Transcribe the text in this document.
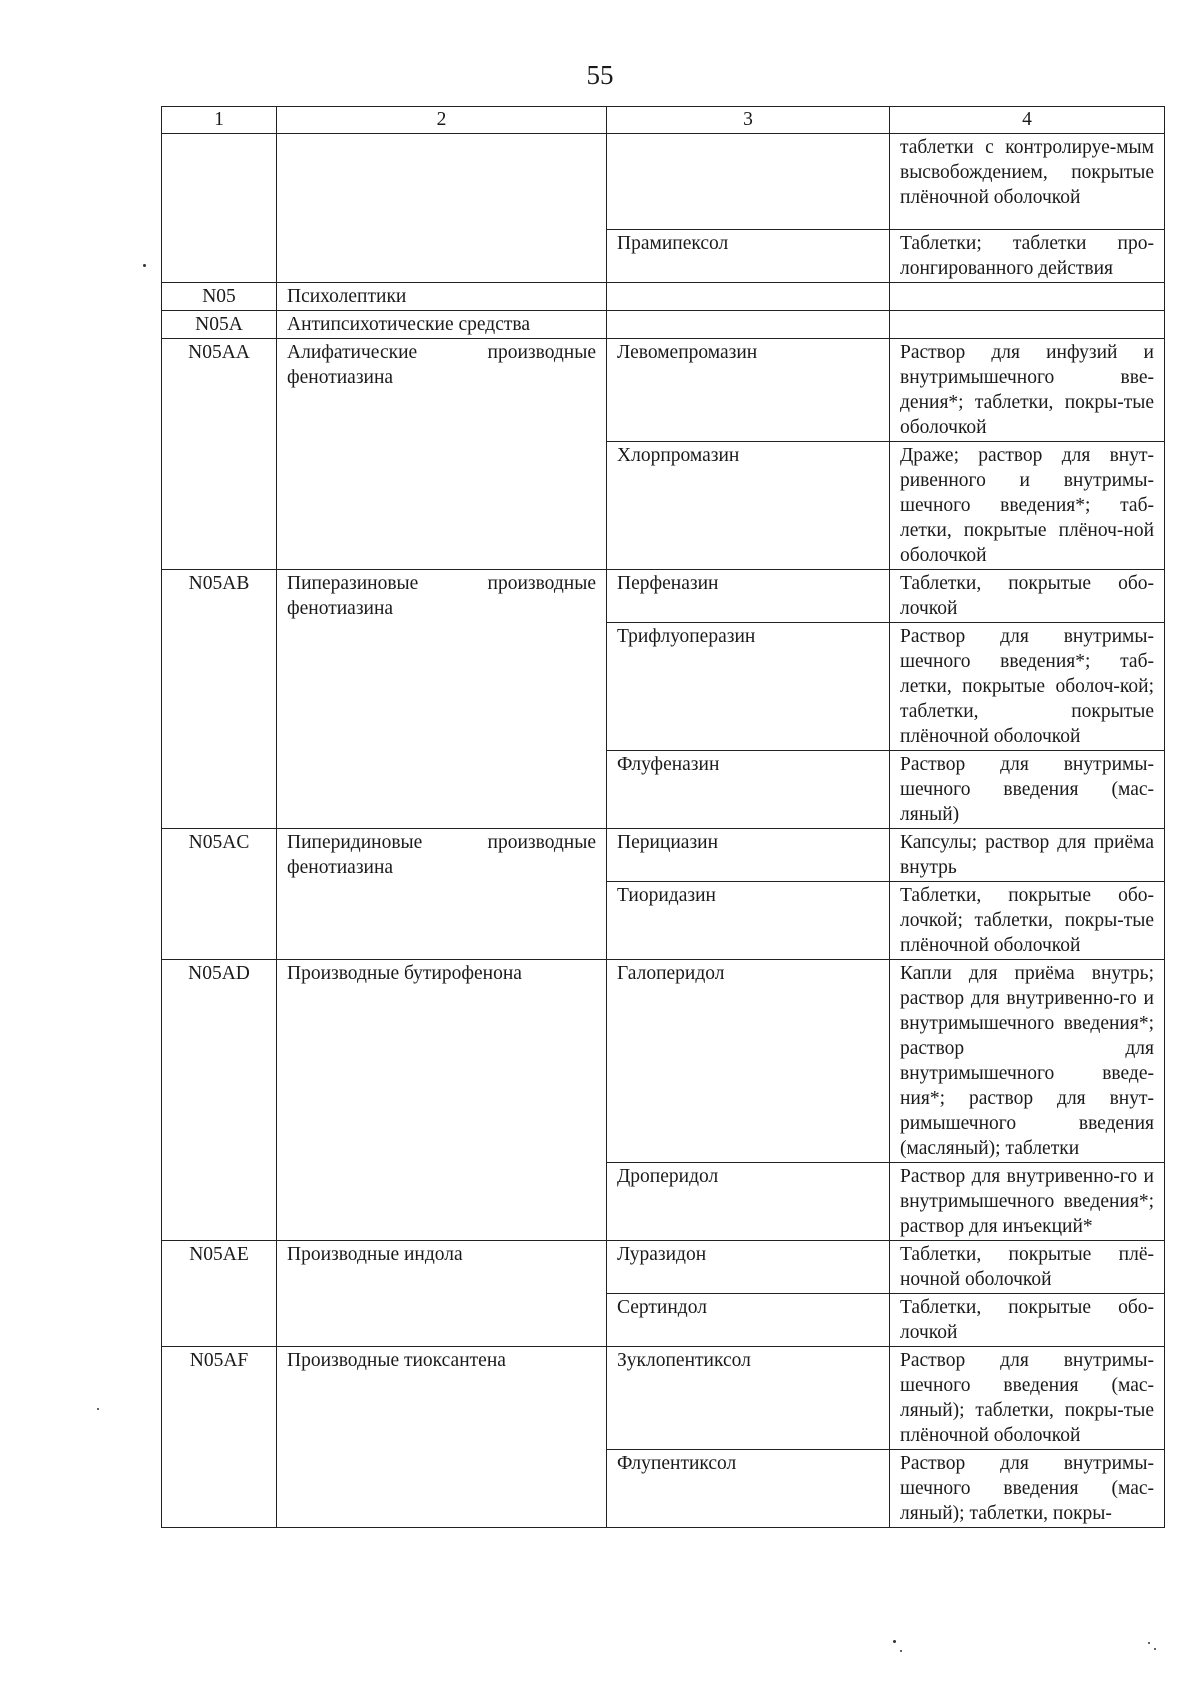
55
1	2	3	4
			таблетки с контролируе-мым высвобождением, покрытые плёночной оболочкой
		Прамипексол	Таблетки; таблетки про-лонгированного действия
N05	Психолептики		
N05A	Антипсихотические средства		
N05AA	Алифатические производные фенотиазина	Левомепромазин	Раствор для инфузий и внутримышечного вве-дения*; таблетки, покры-тые оболочкой
		Хлорпромазин	Драже; раствор для внут-ривенного и внутримы-шечного введения*; таб-летки, покрытые плёноч-ной оболочкой
N05AB	Пиперазиновые производные фенотиазина	Перфеназин	Таблетки, покрытые обо-лочкой
		Трифлуоперазин	Раствор для внутримы-шечного введения*; таб-летки, покрытые оболоч-кой; таблетки, покрытые плёночной оболочкой
		Флуфеназин	Раствор для внутримы-шечного введения (мас-ляный)
N05AC	Пиперидиновые производные фенотиазина	Перициазин	Капсулы; раствор для приёма внутрь
		Тиоридазин	Таблетки, покрытые обо-лочкой; таблетки, покры-тые плёночной оболочкой
N05AD	Производные бутирофенона	Галоперидол	Капли для приёма внутрь; раствор для внутривенно-го и внутримышечного введения*; раствор для внутримышечного введе-ния*; раствор для внут-римышечного введения (масляный); таблетки
		Дроперидол	Раствор для внутривенно-го и внутримышечного введения*; раствор для инъекций*
N05AE	Производные индола	Луразидон	Таблетки, покрытые плё-ночной оболочкой
		Сертиндол	Таблетки, покрытые обо-лочкой
N05AF	Производные тиоксантена	Зуклопентиксол	Раствор для внутримы-шечного введения (мас-ляный); таблетки, покры-тые плёночной оболочкой
		Флупентиксол	Раствор для внутримы-шечного введения (мас-ляный); таблетки, покры-
